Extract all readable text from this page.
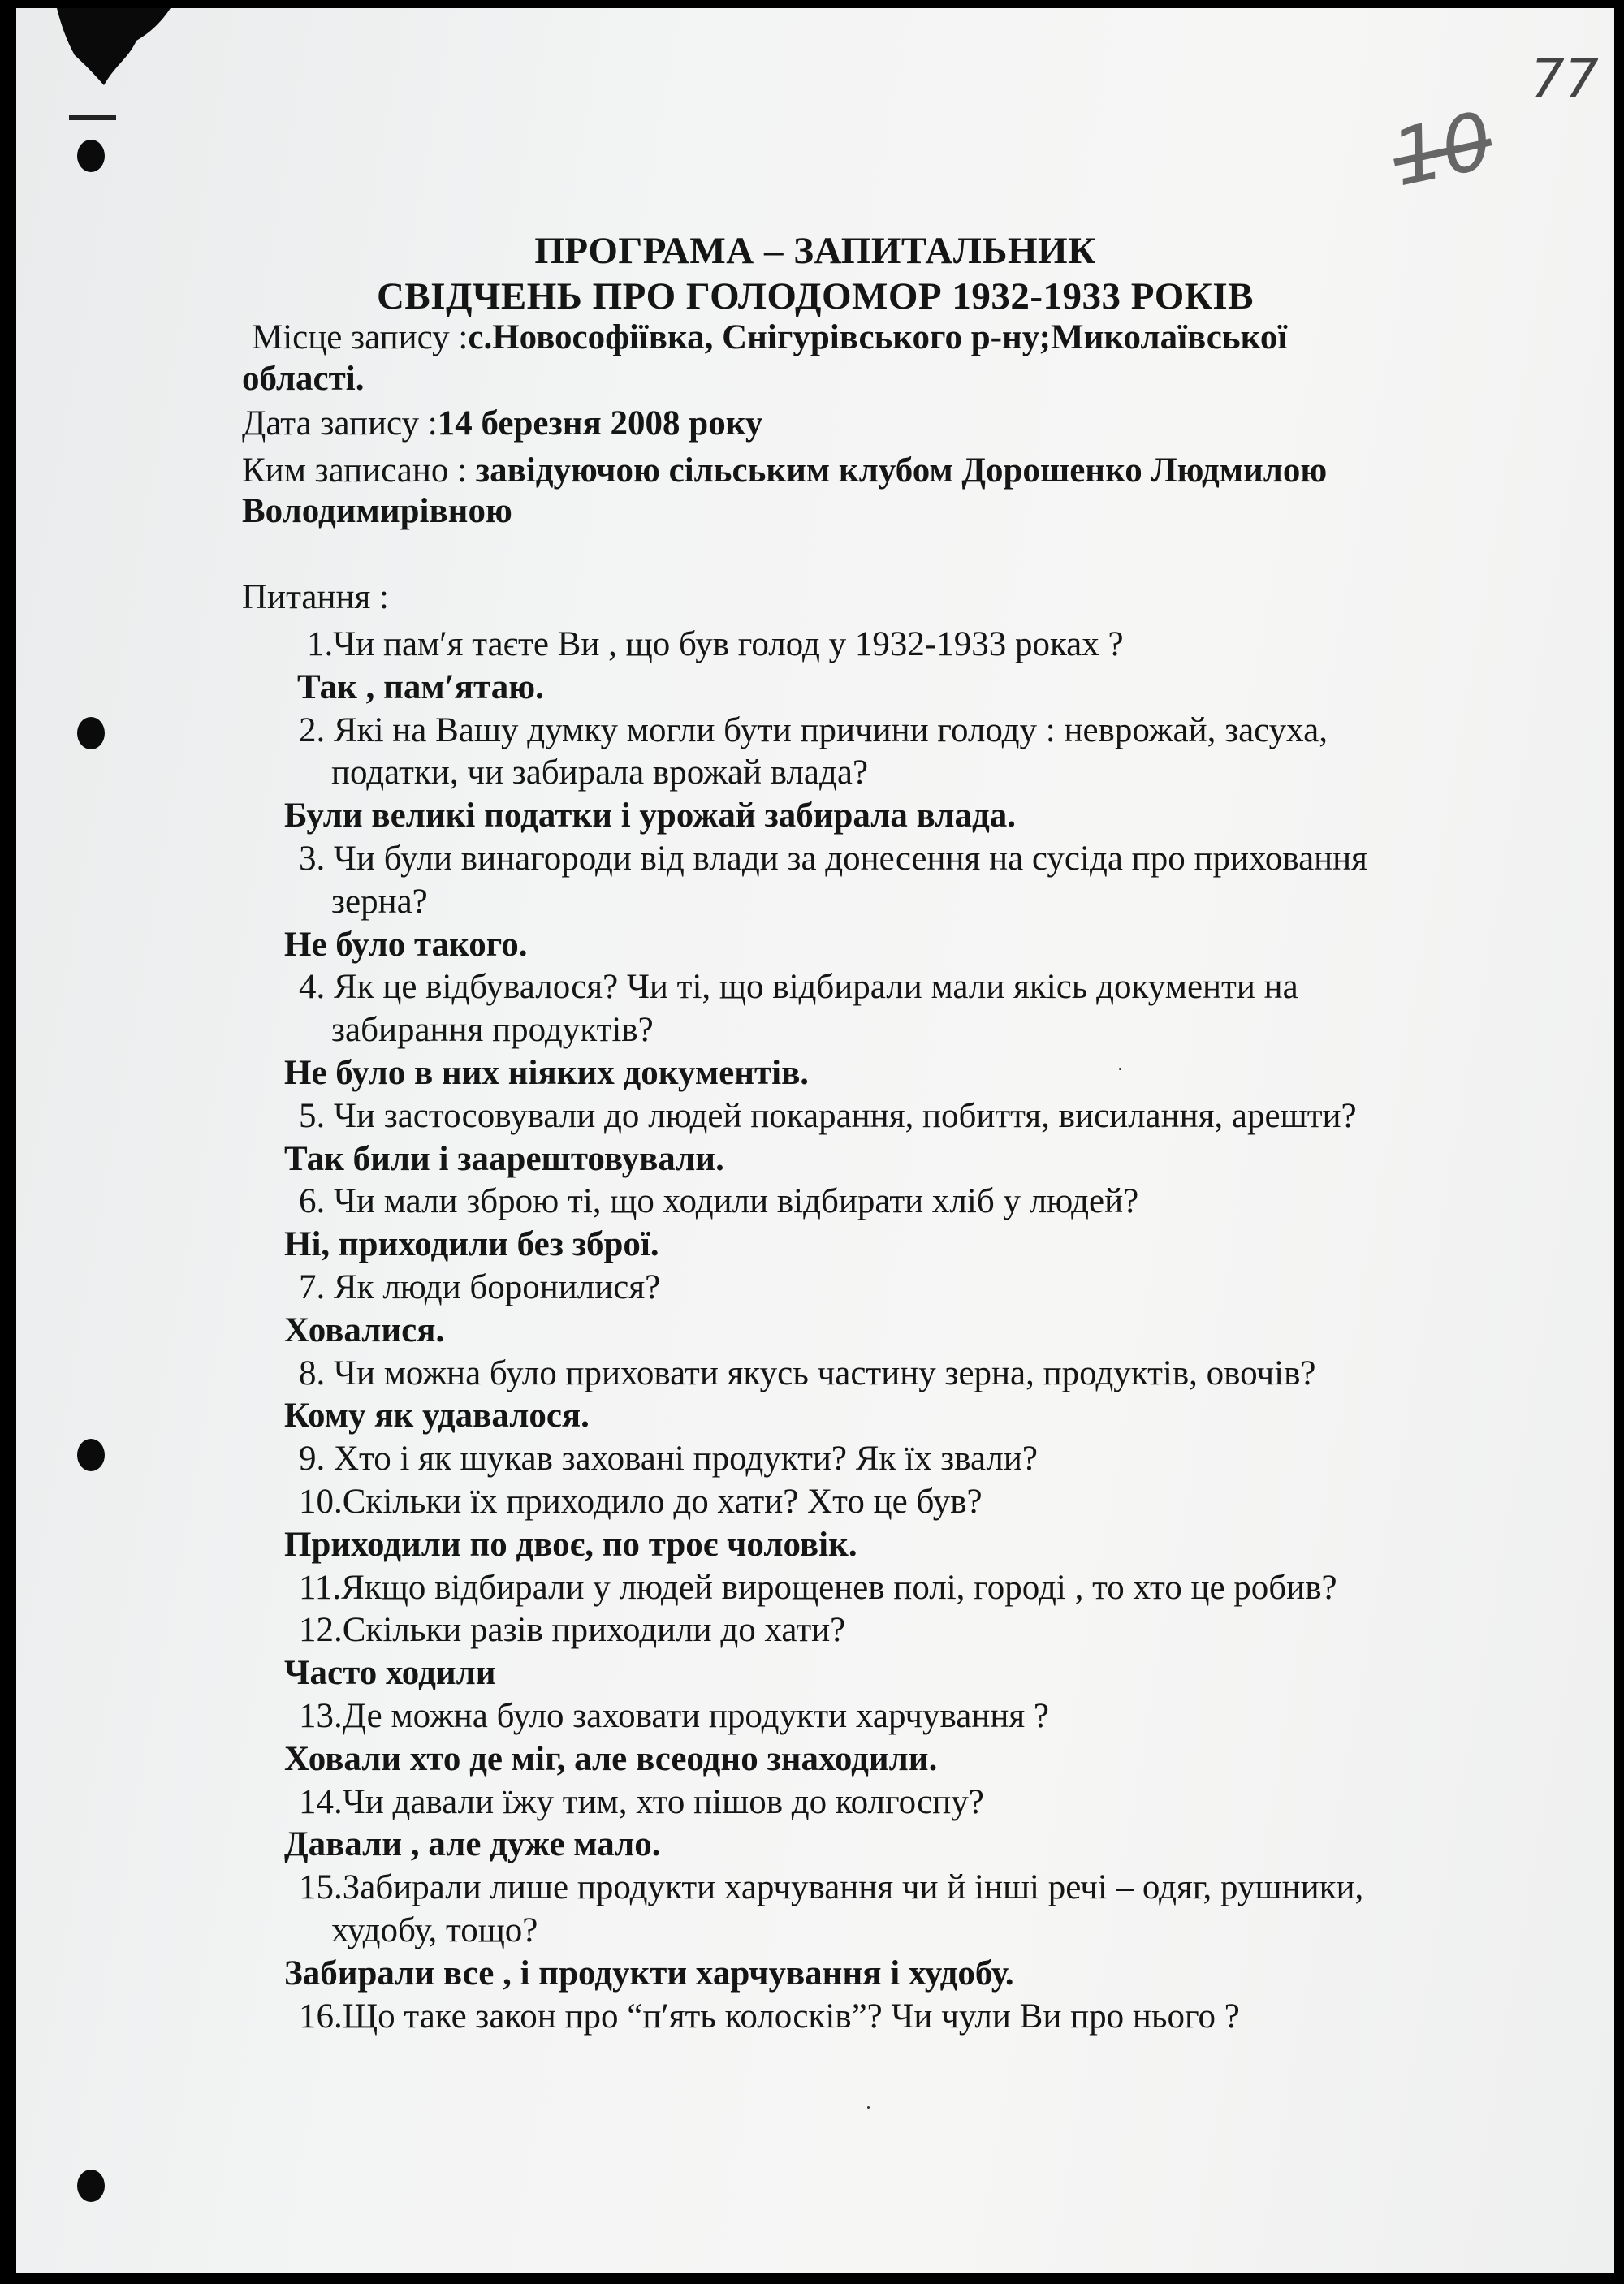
10
77
ПРОГРАМА – ЗАПИТАЛЬНИК
СВІДЧЕНЬ ПРО ГОЛОДОМОР 1932-1933 РОКІВ
Місце запису :с.Новософіївка, Снігурівського р-ну;Миколаївської
області.
Дата запису :14 березня 2008 року
Ким записано : завідуючою сільським клубом Дорошенко Людмилою
Володимирівною
Питання :
1.Чи пам′я таєте Ви , що був голод у 1932-1933 роках ?
Так , пам′ятаю.
2. Які на Вашу думку могли бути причини голоду : неврожай, засуха,
податки, чи забирала врожай влада?
Були великі податки і урожай забирала влада.
3. Чи були винагороди від влади за донесення на сусіда про приховання
зерна?
Не було такого.
4. Як це відбувалося? Чи ті, що відбирали мали якісь документи на
забирання продуктів?
Не було в них ніяких документів.
5. Чи застосовували до людей покарання, побиття, висилання, арешти?
Так били і заарештовували.
6. Чи мали зброю ті, що ходили відбирати хліб у людей?
Ні, приходили без зброї.
7. Як люди боронилися?
Ховалися.
8. Чи можна було приховати якусь частину зерна, продуктів, овочів?
Кому як удавалося.
9. Хто і як шукав заховані продукти? Як їх звали?
10.Скільки їх приходило до хати? Хто це був?
Приходили по двоє, по троє чоловік.
11.Якщо відбирали у людей вирощенев полі, городі , то хто це робив?
12.Скільки разів приходили до хати?
Часто ходили
13.Де можна було заховати продукти харчування ?
Ховали хто де міг, але всеодно знаходили.
14.Чи давали їжу тим, хто пішов до колгоспу?
Давали , але дуже мало.
15.Забирали лише продукти харчування чи й інші речі – одяг, рушники,
худобу, тощо?
Забирали все , і продукти харчування і худобу.
16.Що таке закон про “п′ять колосків”? Чи чули Ви про нього ?
